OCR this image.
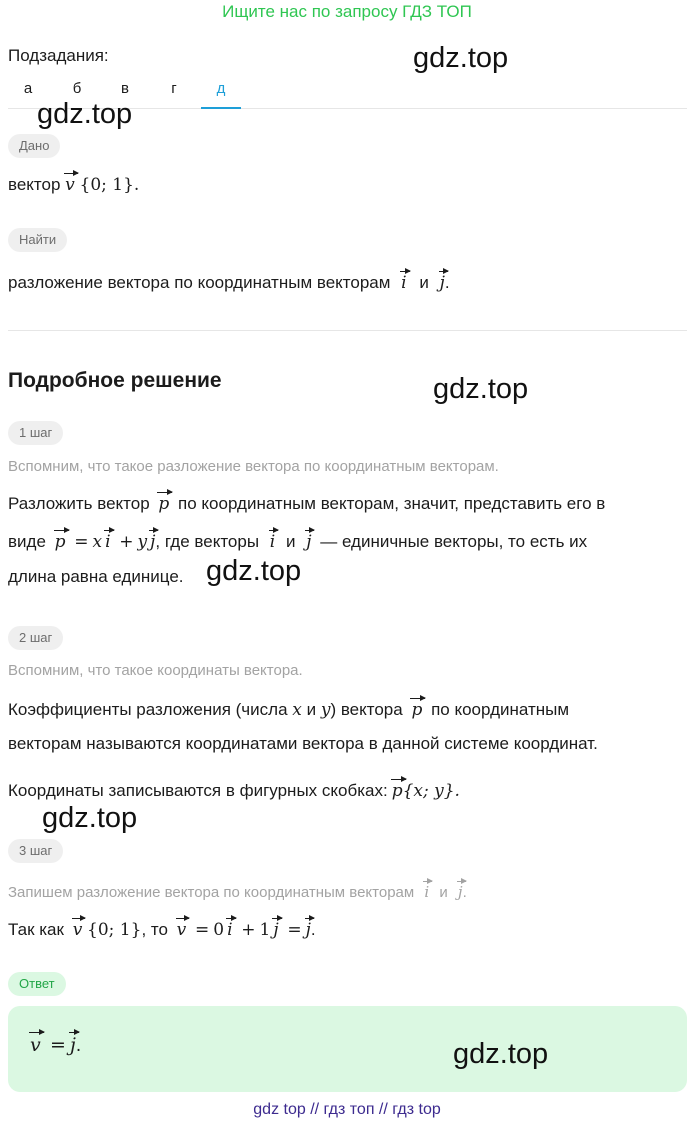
Ищите нас по запросу ГДЗ ТОП
Подзадания:
а	б	в	г	д
gdz.top
gdz.top
Дано
вектор v {0; 1}.
Найти
разложение вектора по координатным векторам i и j.
Подробное решение	gdz.top
1 шаг
Вспомним, что такое разложение вектора по координатным векторам.
Разложить вектор p по координатным векторам, значит, представить его в
виде p = x i + y j, где векторы i и j — единичные векторы, то есть их
длина равна единице. gdz.top
2 шаг
Вспомним, что такое координаты вектора.
Коэффициенты разложения (числа x и y) вектора p по координатным
векторам называются координатами вектора в данной системе координат.
Координаты записываются в фигурных скобках: p{x; y}.
gdz.top
3 шаг
Запишем разложение вектора по координатным векторам i и j.
Так как v {0; 1}, то v = 0 i + 1 j = j.
Ответ
v = j.	gdz.top
gdz top // гдз топ // гдз top
